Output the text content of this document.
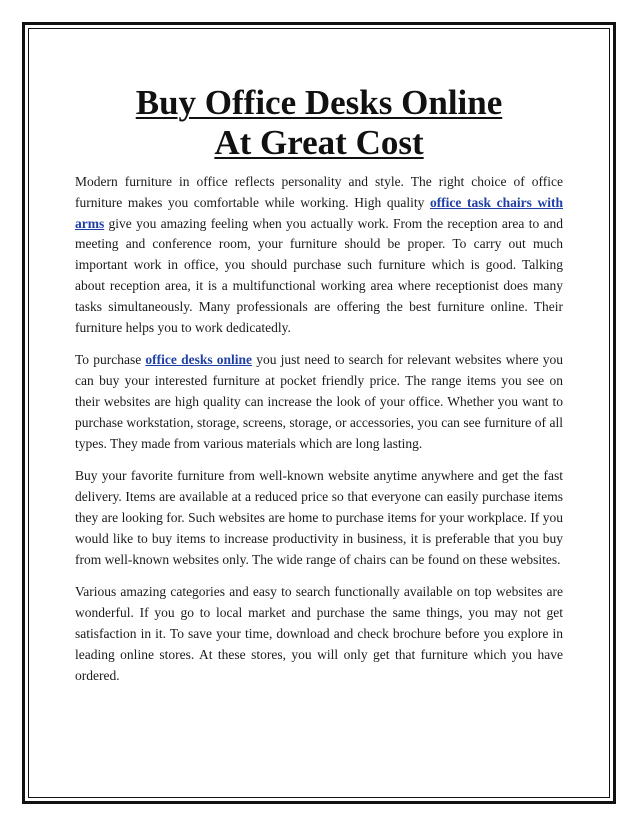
Buy Office Desks Online
At Great Cost

Modern furniture in office reflects personality and style. The right choice of office furniture makes you comfortable while working. High quality office task chairs with arms give you amazing feeling when you actually work. From the reception area to and meeting and conference room, your furniture should be proper. To carry out much important work in office, you should purchase such furniture which is good. Talking about reception area, it is a multifunctional working area where receptionist does many tasks simultaneously. Many professionals are offering the best furniture online. Their furniture helps you to work dedicatedly.

To purchase office desks online you just need to search for relevant websites where you can buy your interested furniture at pocket friendly price. The range items you see on their websites are high quality can increase the look of your office. Whether you want to purchase workstation, storage, screens, storage, or accessories, you can see furniture of all types. They made from various materials which are long lasting.

Buy your favorite furniture from well-known website anytime anywhere and get the fast delivery. Items are available at a reduced price so that everyone can easily purchase items they are looking for. Such websites are home to purchase items for your workplace. If you would like to buy items to increase productivity in business, it is preferable that you buy from well-known websites only. The wide range of chairs can be found on these websites.

Various amazing categories and easy to search functionally available on top websites are wonderful. If you go to local market and purchase the same things, you may not get satisfaction in it. To save your time, download and check brochure before you explore in leading online stores. At these stores, you will only get that furniture which you have ordered.
